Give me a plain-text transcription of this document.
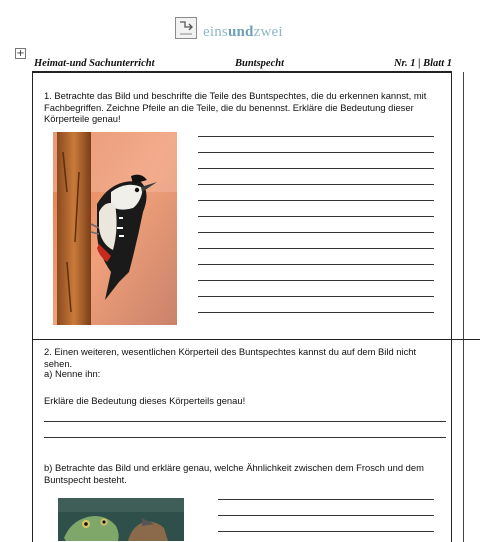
einsundzwei
+
Heimat-und Sachunterricht	Buntspecht	Nr. 1 | Blatt 1
1. Betrachte das Bild und beschrifte die Teile des Buntspechtes, die du erkennen kannst, mit Fachbegriffen. Zeichne Pfeile an die Teile, die du benennst. Erkläre die Bedeutung dieser Körperteile genau!
2. Einen weiteren, wesentlichen Körperteil des Buntspechtes kannst du auf dem Bild nicht sehen.
a) Nenne ihn:
Erkläre die Bedeutung dieses Körperteils genau!
b) Betrachte das Bild und erkläre genau, welche Ähnlichkeit zwischen dem Frosch und dem Buntspecht besteht.
